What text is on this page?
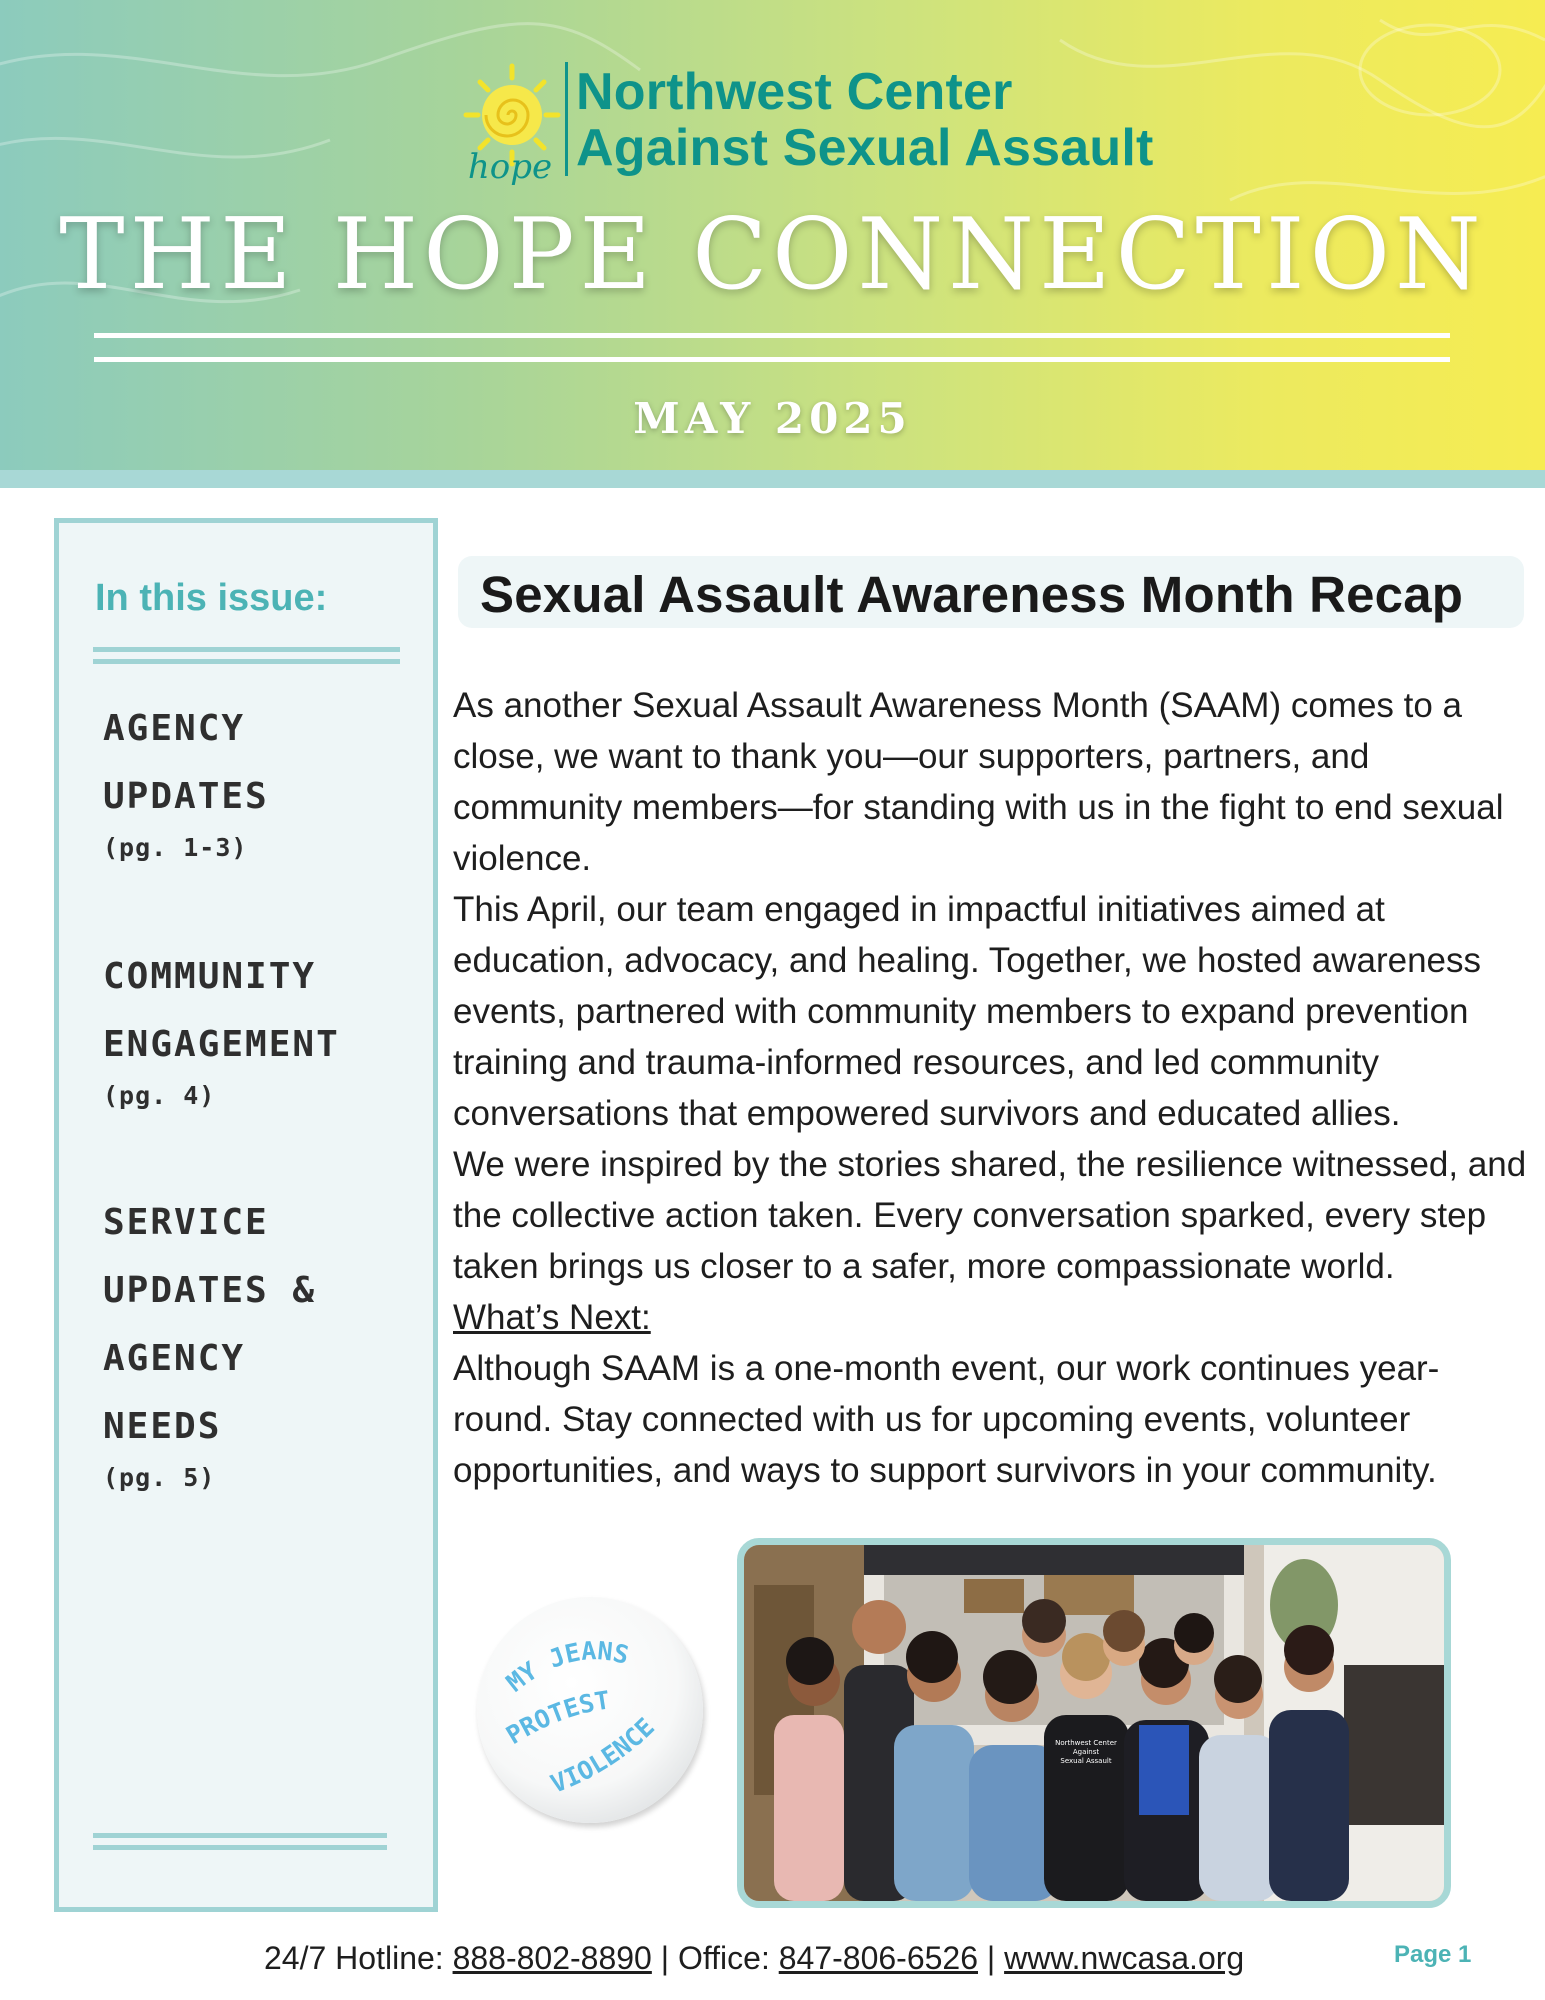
hope
Northwest Center
Against Sexual Assault
THE HOPE CONNECTION
MAY 2025
In this issue:
AGENCY
UPDATES
(pg. 1-3)
COMMUNITY
ENGAGEMENT
(pg. 4)
SERVICE
UPDATES &
AGENCY
NEEDS
(pg. 5)
Sexual Assault Awareness Month Recap

As another Sexual Assault Awareness Month (SAAM) comes to a close, we want to thank you—our supporters, partners, and community members—for standing with us in the fight to end sexual violence.

This April, our team engaged in impactful initiatives aimed at education, advocacy, and healing. Together, we hosted awareness events, partnered with community members to expand prevention training and trauma-informed resources, and led community conversations that empowered survivors and educated allies.

We were inspired by the stories shared, the resilience witnessed, and the collective action taken. Every conversation sparked, every step taken brings us closer to a safer, more compassionate world.

What’s Next:

Although SAAM is a one-month event, our work continues year-round. Stay connected with us for upcoming events, volunteer opportunities, and ways to support survivors in your community.

MY JEANS
PROTEST
VIOLENCE	Northwest Center
Against
Sexual Assault
24/7 Hotline: 888-802-8890 | Office: 847-806-6526 | www.nwcasa.org	Page 1
